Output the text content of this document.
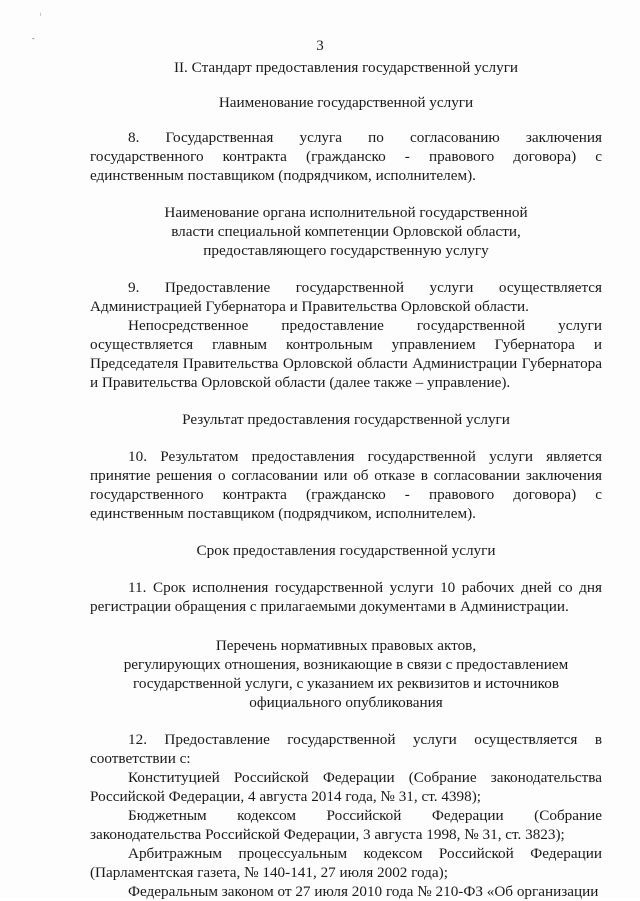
ᵢ
-	3

II. Стандарт предоставления государственной услуги

Наименование государственной услуги

8. Государственная услуга по согласованию заключения государственного контракта (гражданско - правового договора) с единственным поставщиком (подрядчиком, исполнителем).

Наименование органа исполнительной государственной

власти специальной компетенции Орловской области,

предоставляющего государственную услугу

9. Предоставление государственной услуги осуществляется Администрацией Губернатора и Правительства Орловской области.

Непосредственное предоставление государственной услуги осуществляется главным контрольным управлением Губернатора и Председателя Правительства Орловской области Администрации Губернатора и Правительства Орловской области (далее также – управление).

Результат предоставления государственной услуги

10. Результатом предоставления государственной услуги является принятие решения о согласовании или об отказе в согласовании заключения государственного контракта (гражданско - правового договора) с единственным поставщиком (подрядчиком, исполнителем).

Срок предоставления государственной услуги

11. Срок исполнения государственной услуги 10 рабочих дней со дня регистрации обращения с прилагаемыми документами в Администрации.

Перечень нормативных правовых актов,

регулирующих отношения, возникающие в связи с предоставлением

государственной услуги, с указанием их реквизитов и источников

официального опубликования

12. Предоставление государственной услуги осуществляется в соответствии с:

Конституцией Российской Федерации (Собрание законодательства Российской Федерации, 4 августа 2014 года, № 31, ст. 4398);

Бюджетным кодексом Российской Федерации (Собрание законодательства Российской Федерации, 3 августа 1998, № 31, ст. 3823);

Арбитражным процессуальным кодексом Российской Федерации (Парламентская газета, № 140-141, 27 июля 2002 года);

Федеральным законом от 27 июля 2010 года № 210-ФЗ «Об организации
